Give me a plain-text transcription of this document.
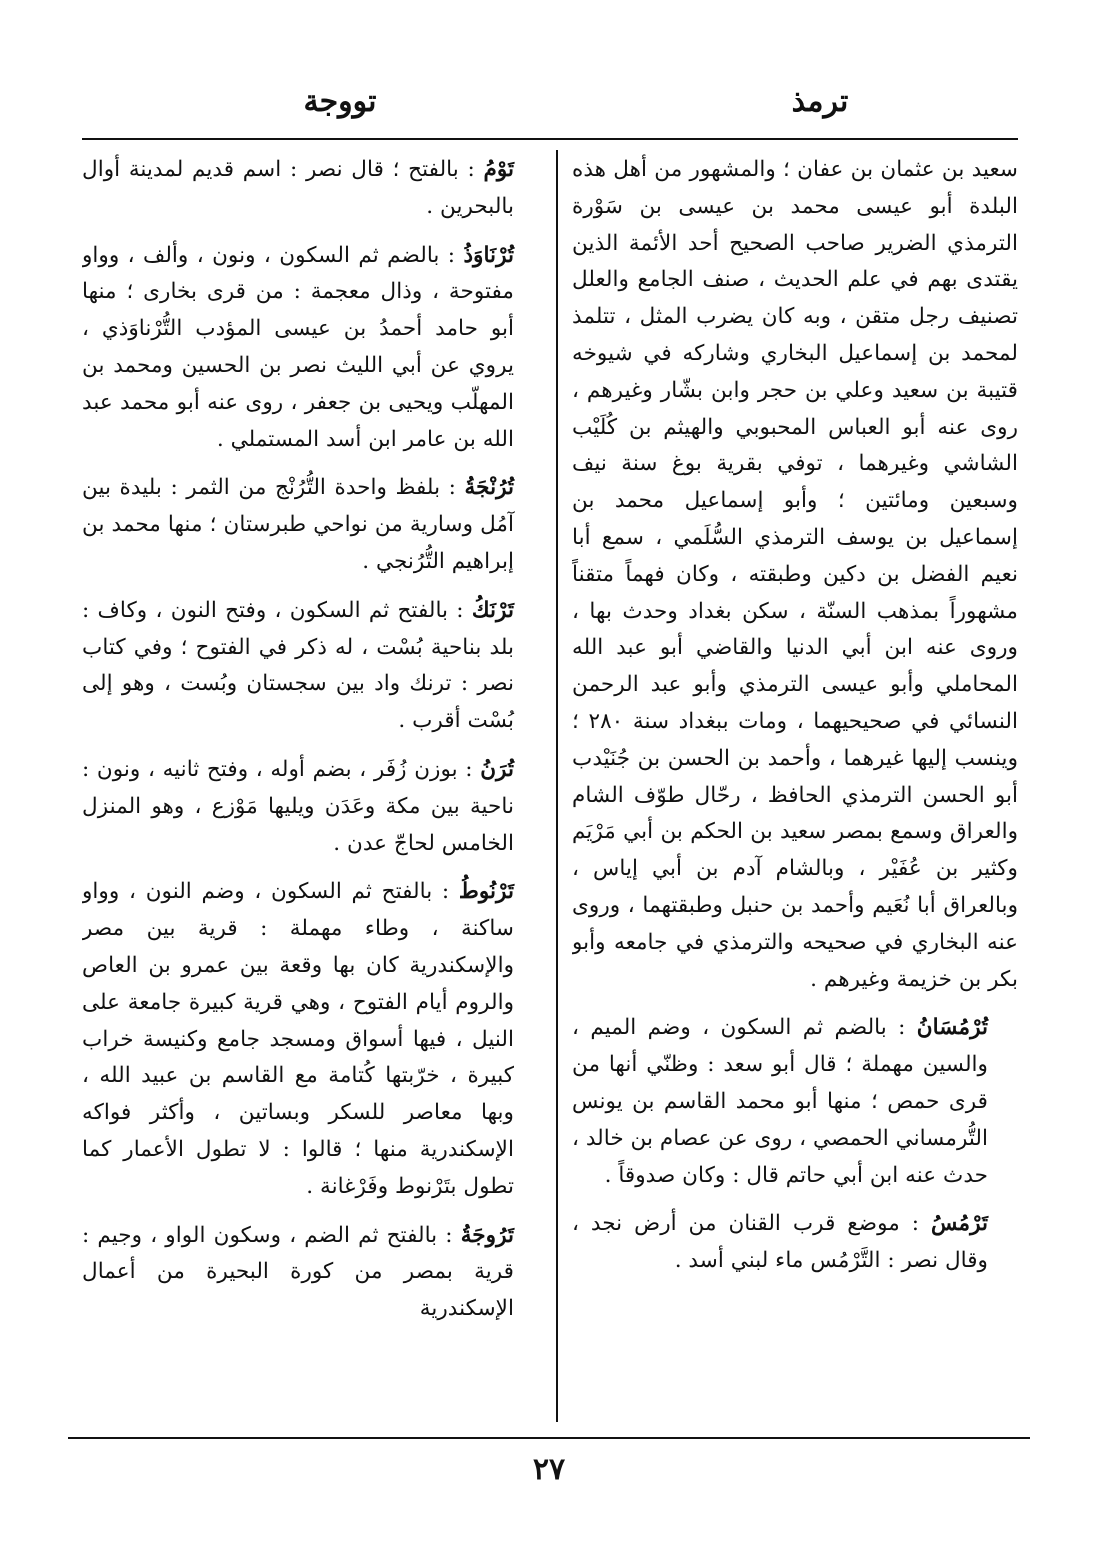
ترمذ
تووجة

سعيد بن عثمان بن عفان ؛ والمشهور من أهل هذه البلدة أبو عيسى محمد بن عيسى بن سَوْرة الترمذي الضرير صاحب الصحيح أحد الأئمة الذين يقتدى بهم في علم الحديث ، صنف الجامع والعلل تصنيف رجل متقن ، وبه كان يضرب المثل ، تتلمذ لمحمد بن إسماعيل البخاري وشاركه في شيوخه قتيبة بن سعيد وعلي بن حجر وابن بشّار وغيرهم ، روى عنه أبو العباس المحبوبي والهيثم بن كُلَيْب الشاشي وغيرهما ، توفي بقرية بوغ سنة نيف وسبعين ومائتين ؛ وأبو إسماعيل محمد بن إسماعيل بن يوسف الترمذي السُّلَمي ، سمع أبا نعيم الفضل بن دكين وطبقته ، وكان فهماً متقناً مشهوراً بمذهب السنّة ، سكن بغداد وحدث بها ، وروى عنه ابن أبي الدنيا والقاضي أبو عبد الله المحاملي وأبو عيسى الترمذي وأبو عبد الرحمن النسائي في صحيحيهما ، ومات ببغداد سنة ٢٨٠ ؛ وينسب إليها غيرهما ، وأحمد بن الحسن بن جُنَيْدب أبو الحسن الترمذي الحافظ ، رحّال طوّف الشام والعراق وسمع بمصر سعيد بن الحكم بن أبي مَرْيَم وكثير بن عُفَيْر ، وبالشام آدم بن أبي إياس ، وبالعراق أبا نُعَيم وأحمد بن حنبل وطبقتهما ، وروى عنه البخاري في صحيحه والترمذي في جامعه وأبو بكر بن خزيمة وغيرهم .

تُرْمُسَانُ : بالضم ثم السكون ، وضم الميم ، والسين مهملة ؛ قال أبو سعد : وظنّي أنها من قرى حمص ؛ منها أبو محمد القاسم بن يونس التُّرمساني الحمصي ، روى عن عصام بن خالد ، حدث عنه ابن أبي حاتم قال : وكان صدوقاً .

تَرْمُسُ : موضع قرب القنان من أرض نجد ، وقال نصر : التَّرْمُس ماء لبني أسد .

تَوْمُ : بالفتح ؛ قال نصر : اسم قديم لمدينة أوال بالبحرين .

تُرْنَاوَذُ : بالضم ثم السكون ، ونون ، وألف ، وواو مفتوحة ، وذال معجمة : من قرى بخارى ؛ منها أبو حامد أحمدُ بن عيسى المؤدب التُّرْناوَذي ، يروي عن أبي الليث نصر بن الحسين ومحمد بن المهلّب ويحيى بن جعفر ، روى عنه أبو محمد عبد الله بن عامر ابن أسد المستملي .

تُرُنْجَةُ : بلفظ واحدة التُّرُنْج من الثمر : بليدة بين آمُل وسارية من نواحي طبرستان ؛ منها محمد بن إبراهيم التُّرُنجي .

تَرْنَكُ : بالفتح ثم السكون ، وفتح النون ، وكاف : بلد بناحية بُسْت ، له ذكر في الفتوح ؛ وفي كتاب نصر : ترنك واد بين سجستان وبُست ، وهو إلى بُسْت أقرب .

تُرَنُ : بوزن زُفَر ، بضم أوله ، وفتح ثانيه ، ونون : ناحية بين مكة وعَدَن ويليها مَوْزع ، وهو المنزل الخامس لحاجّ عدن .

تَرْنُوطُ : بالفتح ثم السكون ، وضم النون ، وواو ساكنة ، وطاء مهملة : قرية بين مصر والإسكندرية كان بها وقعة بين عمرو بن العاص والروم أيام الفتوح ، وهي قرية كبيرة جامعة على النيل ، فيها أسواق ومسجد جامع وكنيسة خراب كبيرة ، خرّبتها كُتامة مع القاسم بن عبيد الله ، وبها معاصر للسكر وبساتين ، وأكثر فواكه الإسكندرية منها ؛ قالوا : لا تطول الأعمار كما تطول بتَرْنوط وفَرْغانة .

تَرُوجَةُ : بالفتح ثم الضم ، وسكون الواو ، وجيم : قرية بمصر من كورة البحيرة من أعمال الإسكندرية

٢٧
